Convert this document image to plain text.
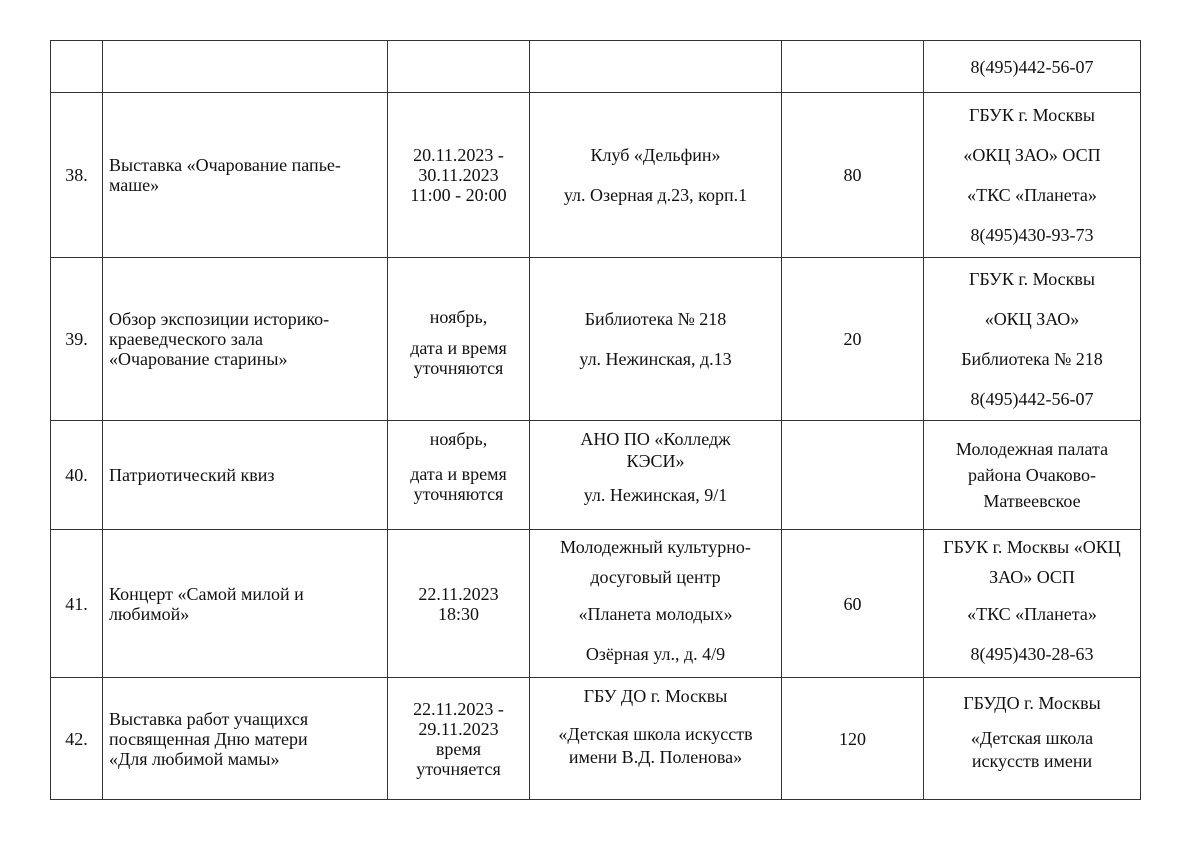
					8(495)442-56-07

38.	Выставка «Очарование папье-
маше»	20.11.2023 -
30.11.2023
11:00 - 20:00	Клуб «Дельфин»
ул. Озерная д.23, корп.1	80	ГБУК г. Москвы
«ОКЦ ЗАО» ОСП
«ТКС «Планета»
8(495)430-93-73

39.	Обзор экспозиции историко-
краеведческого зала
«Очарование старины»	ноябрь,
дата и время
уточняются	Библиотека № 218
ул. Нежинская, д.13	20	ГБУК г. Москвы
«ОКЦ ЗАО»
Библиотека № 218
8(495)442-56-07

40.	Патриотический квиз	ноябрь,
дата и время
уточняются	АНО ПО «Колледж
КЭСИ»
ул. Нежинская, 9/1		Молодежная палата
района Очаково-
Матвеевское

41.	Концерт «Самой милой и
любимой»	22.11.2023
18:30	Молодежный культурно-
досуговый центр
«Планета молодых»
Озёрная ул., д. 4/9	60	ГБУК г. Москвы «ОКЦ
ЗАО» ОСП
«ТКС «Планета»
8(495)430-28-63

42.	Выставка работ учащихся
посвященная Дню матери
«Для любимой мамы»	22.11.2023 -
29.11.2023
время
уточняется	ГБУ ДО г. Москвы
«Детская школа искусств
имени В.Д. Поленова»	120	ГБУДО г. Москвы
«Детская школа
искусств имени
